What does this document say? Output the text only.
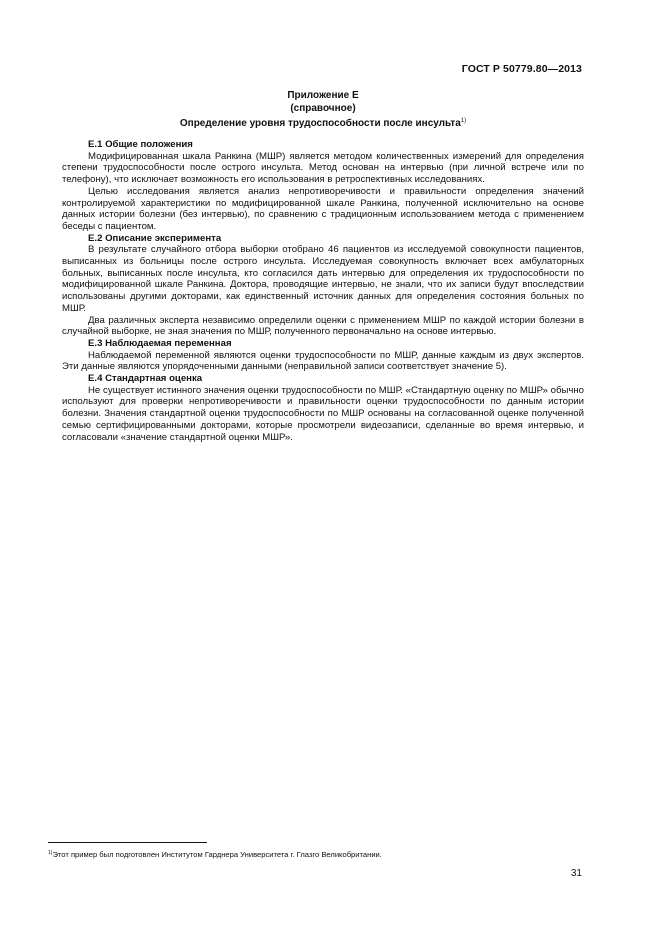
ГОСТ Р 50779.80—2013
Приложение Е
(справочное)
Определение уровня трудоспособности после инсульта$^{1)}$
Е.1 Общие положения

Модифицированная шкала Ранкина (МШР) является методом количественных измерений для определения степени трудоспособности после острого инсульта. Метод основан на интервью (при личной встрече или по телефону), что исключает возможность его использования в ретроспективных исследованиях.

Целью исследования является анализ непротиворечивости и правильности определения значений контролируемой характеристики по модифицированной шкале Ранкина, полученной исключительно на основе данных истории болезни (без интервью), по сравнению с традиционным использованием метода с применением беседы с пациентом.

Е.2 Описание эксперимента

В результате случайного отбора выборки отобрано 46 пациентов из исследуемой совокупности пациентов, выписанных из больницы после острого инсульта. Исследуемая совокупность включает всех амбулаторных больных, выписанных после инсульта, кто согласился дать интервью для определения их трудоспособности по модифицированной шкале Ранкина. Доктора, проводящие интервью, не знали, что их записи будут впоследствии использованы другими докторами, как единственный источник данных для определения состояния больных по МШР.

Два различных эксперта независимо определили оценки с применением МШР по каждой истории болезни в случайной выборке, не зная значения по МШР, полученного первоначально на основе интервью.

Е.3 Наблюдаемая переменная

Наблюдаемой переменной являются оценки трудоспособности по МШР, данные каждым из двух экспертов. Эти данные являются упорядоченными данными (неправильной записи соответствует значение 5).

Е.4 Стандартная оценка

Не существует истинного значения оценки трудоспособности по МШР. «Стандартную оценку по МШР» обычно используют для проверки непротиворечивости и правильности оценки трудоспособности по данным истории болезни. Значения стандартной оценки трудоспособности по МШР основаны на согласованной оценке полученной семью сертифицированными докторами, которые просмотрели видеозаписи, сделанные во время интервью, и согласовали «значение стандартной оценки МШР».

$^{1)}$Этот пример был подготовлен Институтом Гарднера Университета г. Глазго Великобритании.
31
